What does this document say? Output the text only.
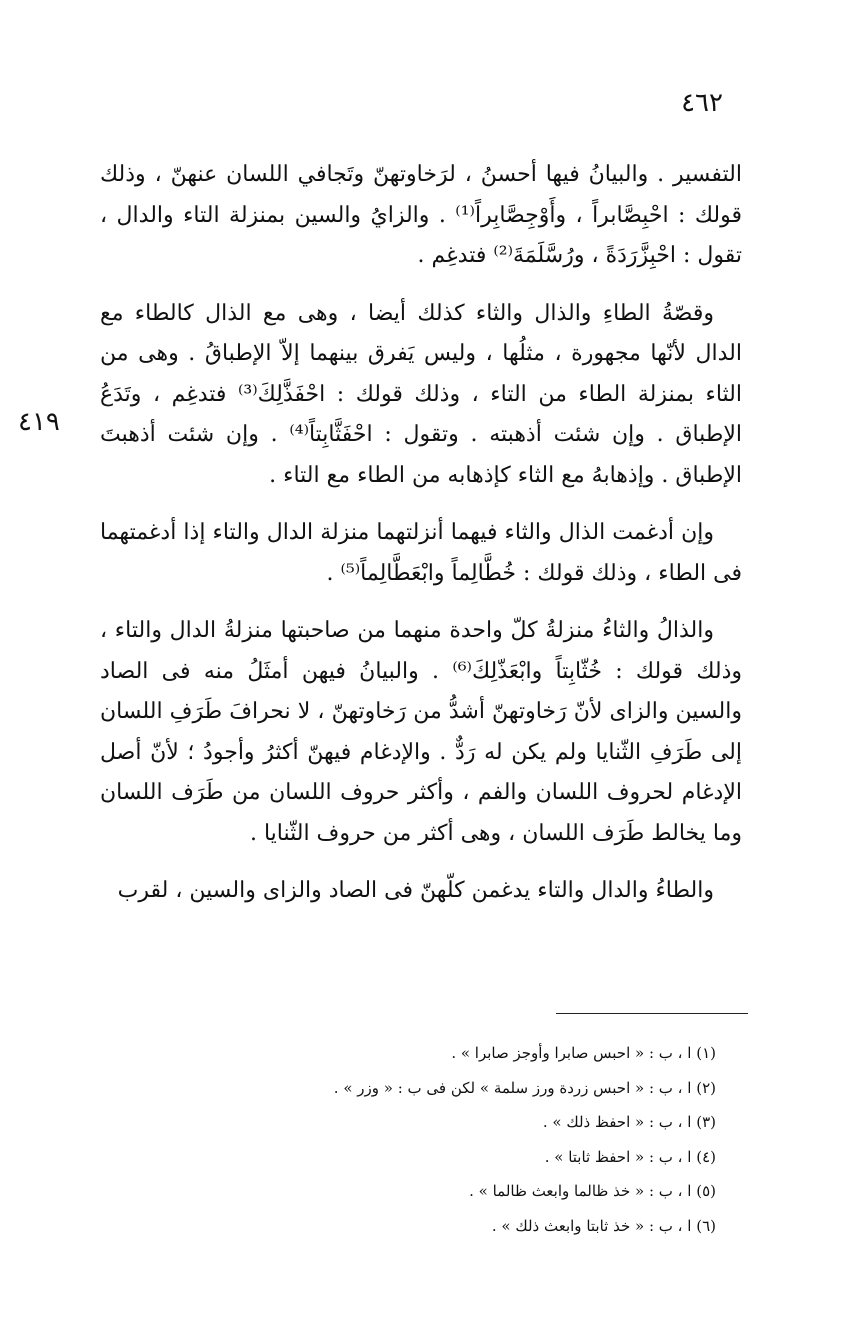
٤٦٢
٤١٩

التفسير . والبيانُ فيها أحسنُ ، لرَخاوتهنّ وتَجافي اللسان عنهنّ ، وذلك قولك : احْبِصَّابراً ، وأَوْجِصَّابِراً⁽¹⁾ . والزايُ والسين بمنزلة التاء والدال ، تقول : احْبِزَّرَدَةً ، ورُسَّلَمَةَ⁽²⁾ فتدغِم .

وقصّةُ الطاءِ والذال والثاء كذلك أيضا ، وهى مع الذال كالطاء مع الدال لأنّها مجهورة ، مثلُها ، وليس يَفرق بينهما إلاّ الإطباقُ . وهى من الثاء بمنزلة الطاء من التاء ، وذلك قولك : احْفَذَّلِكَ⁽³⁾ فتدغِم ، وتَدَعُ الإطباق . وإن شئت أذهبته . وتقول : احْفَثَّابِتاً⁽⁴⁾ . وإن شئت أذهبتَ الإطباق . وإذهابهُ مع الثاء كإذهابه من الطاء مع التاء .

وإن أدغمت الذال والثاء فيهما أنزلتهما منزلة الدال والتاء إذا أدغمتهما فى الطاء ، وذلك قولك : خُطَّالِماً وابْعَطَّالِماً⁽⁵⁾ .

والذالُ والثاءُ منزلةُ كلّ واحدة منهما من صاحبتها منزلةُ الدال والتاء ، وذلك قولك : خُثّابِتاً وابْعَذّلِكَ⁽⁶⁾ . والبيانُ فيهن أمثَلُ منه فى الصاد والسين والزاى لأنّ رَخاوتهنّ أشدُّ من رَخاوتهنّ ، لا نحرافَ طَرَفِ اللسان إلى طَرَفِ الثّنايا ولم يكن له رَدٌّ . والإدغام فيهنّ أكثرُ وأجودُ ؛ لأنّ أصل الإدغام لحروف اللسان والفم ، وأكثر حروف اللسان من طَرَف اللسان وما يخالط طَرَف اللسان ، وهى أكثر من حروف الثّنايا .

والطاءُ والدال والتاء يدغمن كلّهنّ فى الصاد والزاى والسين ، لقرب

(١) ا ، ب : « احبس صابرا وأوجز صابرا » .
(٢) ا ، ب : « احبس زردة ورز سلمة » لكن فى ب : « وزر » .
(٣) ا ، ب : « احفظ ذلك » .
(٤) ا ، ب : « احفظ ثابتا » .
(٥) ا ، ب : « خذ ظالما وابعث ظالما » .
(٦) ا ، ب : « خذ ثابتا وابعث ذلك » .
